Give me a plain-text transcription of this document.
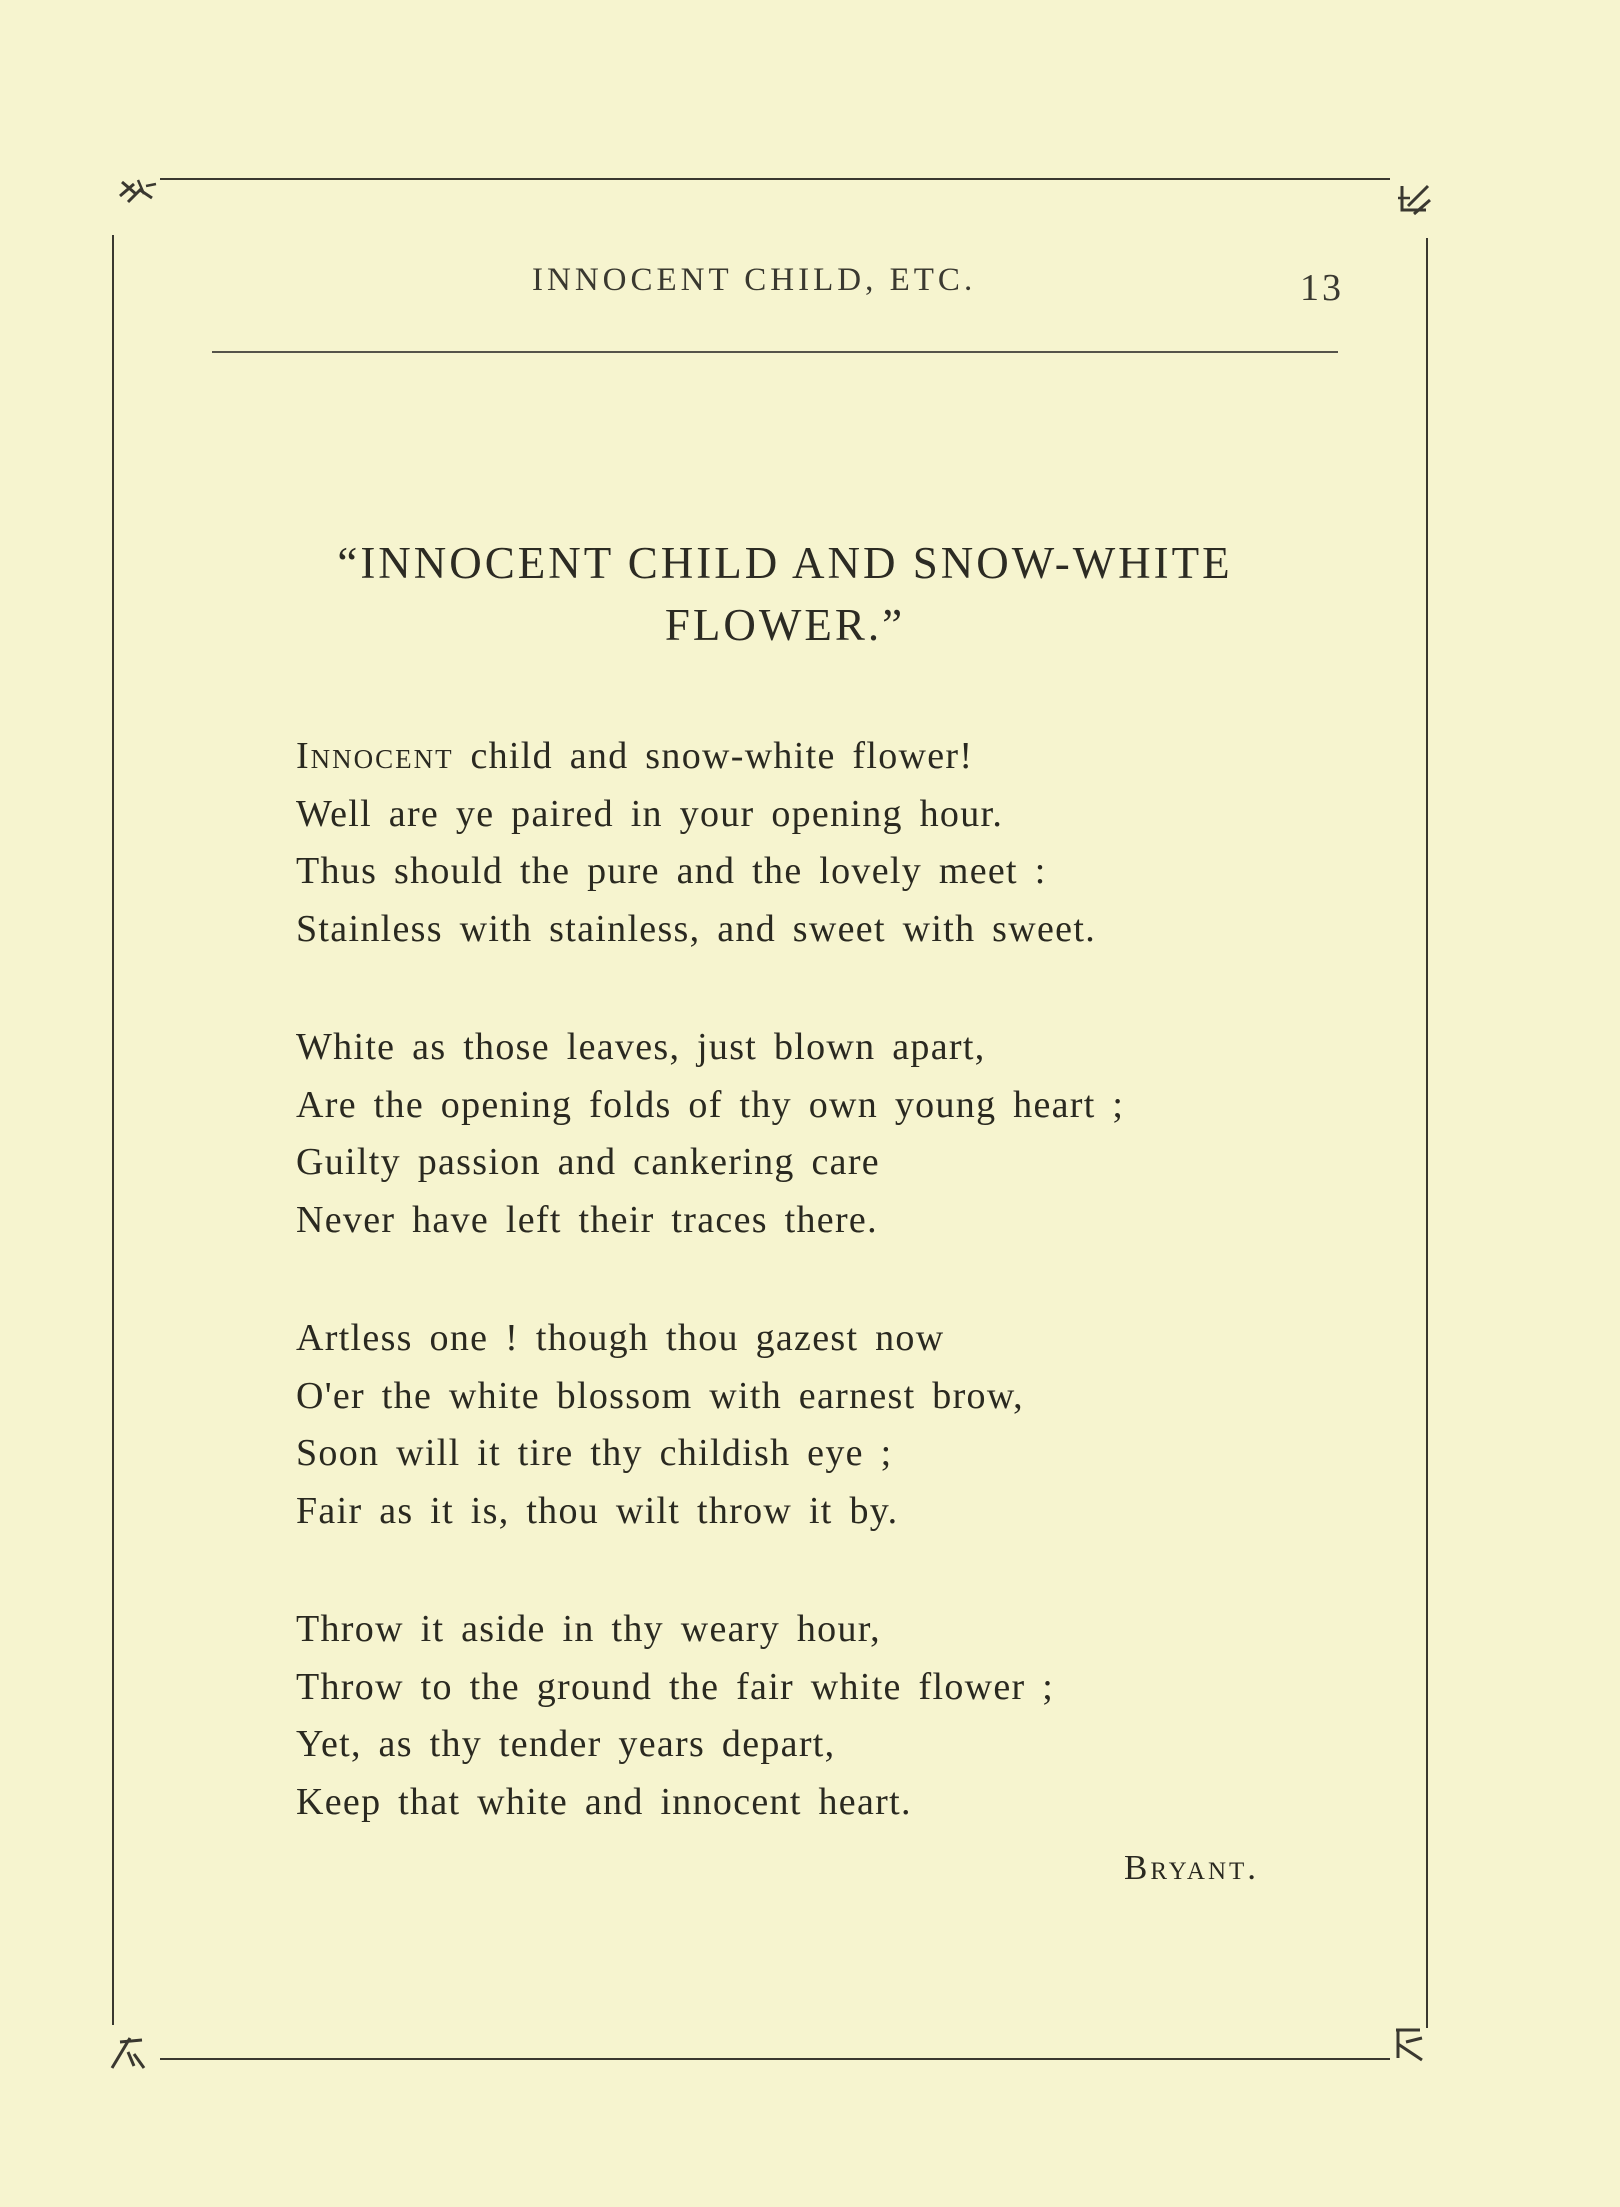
INNOCENT CHILD, ETC.	13
“INNOCENT CHILD AND SNOW-WHITE
FLOWER.”
Innocent child and snow-white flower!
Well are ye paired in your opening hour.
Thus should the pure and the lovely meet :
Stainless with stainless, and sweet with sweet.
White as those leaves, just blown apart,
Are the opening folds of thy own young heart ;
Guilty passion and cankering care
Never have left their traces there.
Artless one ! though thou gazest now
O'er the white blossom with earnest brow,
Soon will it tire thy childish eye ;
Fair as it is, thou wilt throw it by.
Throw it aside in thy weary hour,
Throw to the ground the fair white flower ;
Yet, as thy tender years depart,
Keep that white and innocent heart.
Bryant.
